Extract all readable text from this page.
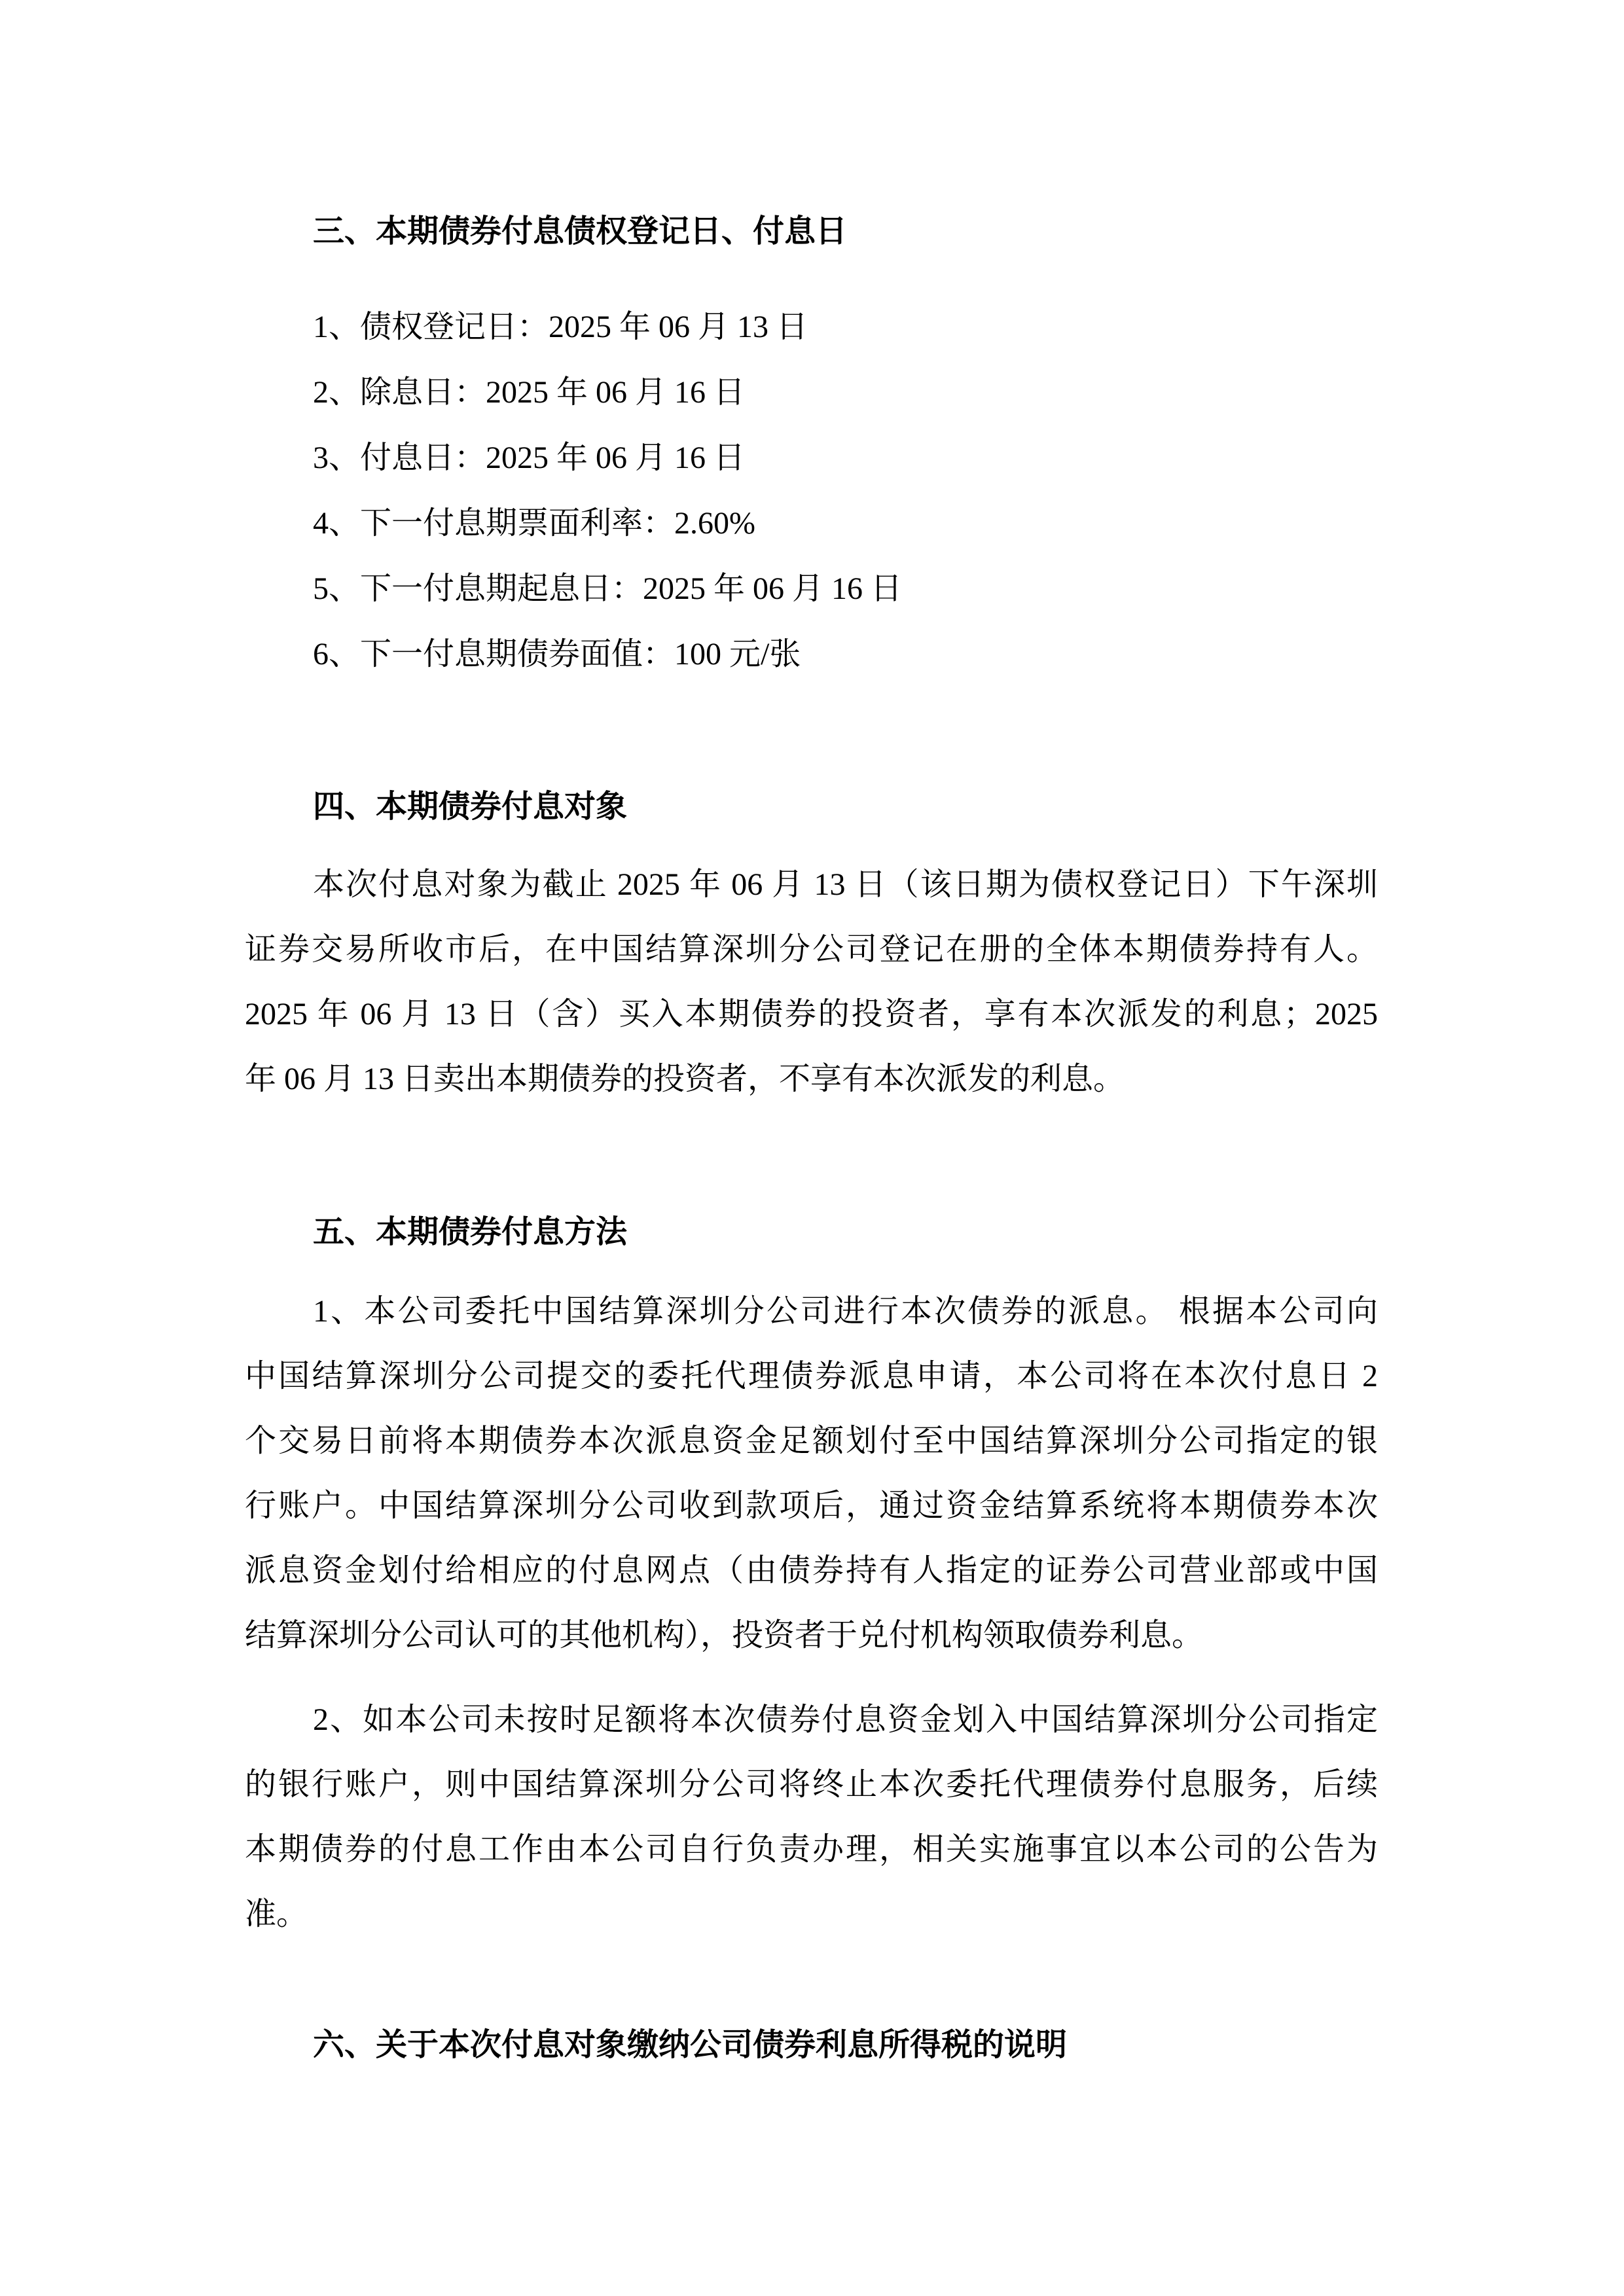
三、本期债券付息债权登记日、付息日
1、债权登记日：2025 年 06 月 13 日
2、除息日：2025 年 06 月 16 日
3、付息日：2025 年 06 月 16 日
4、下一付息期票面利率：2.60%
5、下一付息期起息日：2025 年 06 月 16 日
6、下一付息期债券面值：100 元/张
四、本期债券付息对象
本次付息对象为截止 2025 年 06 月 13 日（该日期为债权登记日）下午深圳
证券交易所收市后，在中国结算深圳分公司登记在册的全体本期债券持有人。
2025 年 06 月 13 日（含）买入本期债券的投资者，享有本次派发的利息；2025
年 06 月 13 日卖出本期债券的投资者，不享有本次派发的利息。
五、本期债券付息方法
1、本公司委托中国结算深圳分公司进行本次债券的派息。 根据本公司向
中国结算深圳分公司提交的委托代理债券派息申请，本公司将在本次付息日 2
个交易日前将本期债券本次派息资金足额划付至中国结算深圳分公司指定的银
行账户。中国结算深圳分公司收到款项后，通过资金结算系统将本期债券本次
派息资金划付给相应的付息网点（由债券持有人指定的证券公司营业部或中国
结算深圳分公司认可的其他机构），投资者于兑付机构领取债券利息。
2、如本公司未按时足额将本次债券付息资金划入中国结算深圳分公司指定
的银行账户，则中国结算深圳分公司将终止本次委托代理债券付息服务，后续
本期债券的付息工作由本公司自行负责办理，相关实施事宜以本公司的公告为
准。
六、关于本次付息对象缴纳公司债券利息所得税的说明
